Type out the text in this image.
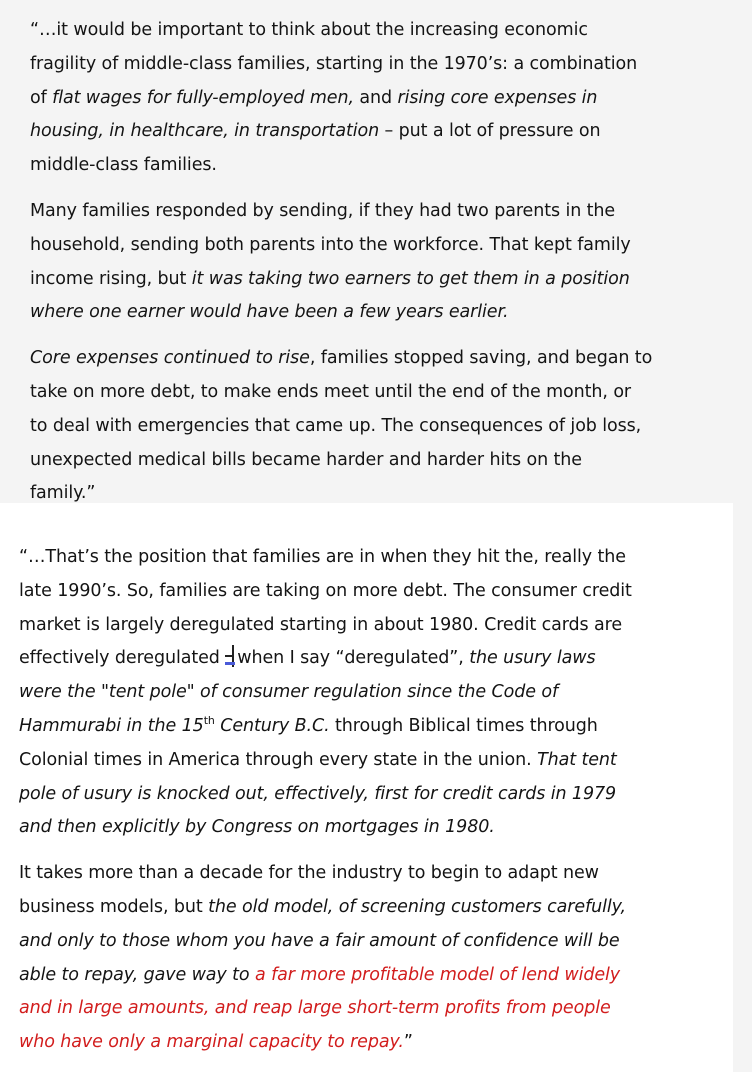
“…it would be important to think about the increasing economic
fragility of middle-class families, starting in the 1970’s: a combination
of flat wages for fully-employed men, and rising core expenses in
housing, in healthcare, in transportation – put a lot of pressure on
middle-class families.

Many families responded by sending, if they had two parents in the
household, sending both parents into the workforce. That kept family
income rising, but it was taking two earners to get them in a position
where one earner would have been a few years earlier.

Core expenses continued to rise, families stopped saving, and began to
take on more debt, to make ends meet until the end of the month, or
to deal with emergencies that came up. The consequences of job loss,
unexpected medical bills became harder and harder hits on the
family.”

“…That’s the position that families are in when they hit the, really the
late 1990’s. So, families are taking on more debt. The consumer credit
market is largely deregulated starting in about 1980. Credit cards are
effectively deregulated
when I say “deregulated”, the usury laws
were the "tent pole" of consumer regulation since the Code of
Hammurabi in the 15th Century B.C. through Biblical times through
Colonial times in America through every state in the union. That tent
pole of usury is knocked out, effectively, first for credit cards in 1979
and then explicitly by Congress on mortgages in 1980.

It takes more than a decade for the industry to begin to adapt new
business models, but the old model, of screening customers carefully,
and only to those whom you have a fair amount of confidence will be
able to repay, gave way to a far more profitable model of lend widely
and in large amounts, and reap large short-term profits from people
who have only a marginal capacity to repay.”
